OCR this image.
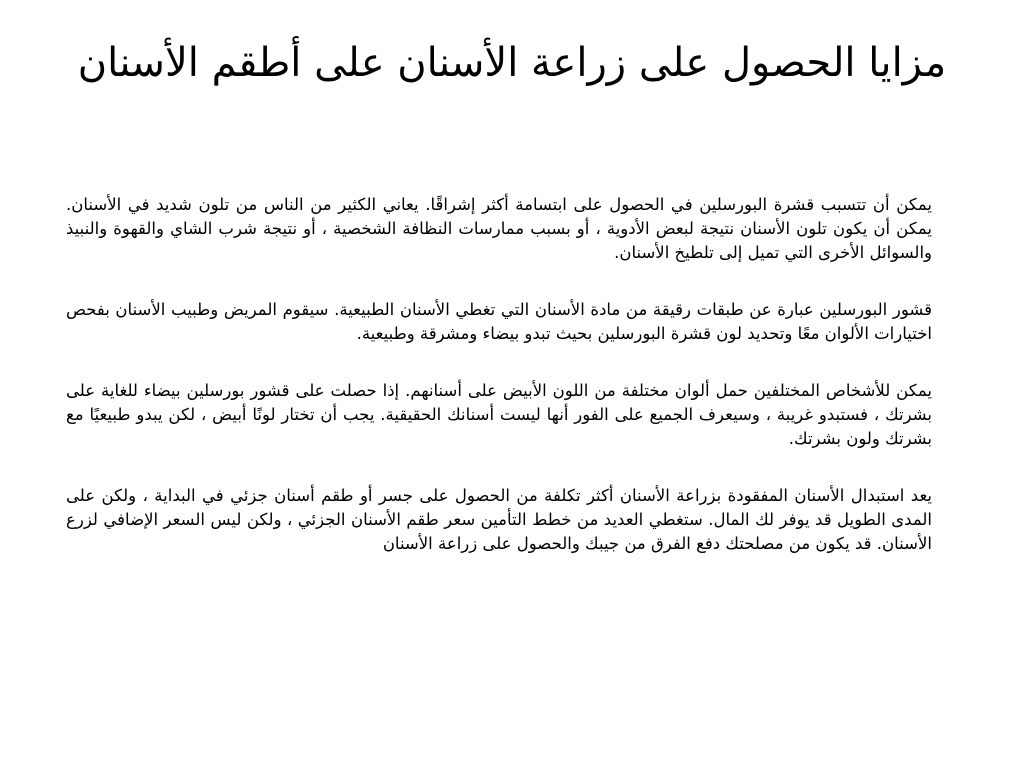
مزايا الحصول على زراعة الأسنان على أطقم الأسنان

يمكن أن تتسبب قشرة البورسلين في الحصول على ابتسامة أكثر إشراقًا. يعاني الكثير من الناس من تلون شديد في الأسنان. يمكن أن يكون تلون الأسنان نتيجة لبعض الأدوية ، أو بسبب ممارسات النظافة الشخصية ، أو نتيجة شرب الشاي والقهوة والنبيذ والسوائل الأخرى التي تميل إلى تلطيخ الأسنان.

قشور البورسلين عبارة عن طبقات رقيقة من مادة الأسنان التي تغطي الأسنان الطبيعية. سيقوم المريض وطبيب الأسنان بفحص اختيارات الألوان معًا وتحديد لون قشرة البورسلين بحيث تبدو بيضاء ومشرقة وطبيعية.

يمكن للأشخاص المختلفين حمل ألوان مختلفة من اللون الأبيض على أسنانهم. إذا حصلت على قشور بورسلين بيضاء للغاية على بشرتك ، فستبدو غريبة ، وسيعرف الجميع على الفور أنها ليست أسنانك الحقيقية. يجب أن تختار لونًا أبيض ، لكن يبدو طبيعيًا مع بشرتك ولون بشرتك.

يعد استبدال الأسنان المفقودة بزراعة الأسنان أكثر تكلفة من الحصول على جسر أو طقم أسنان جزئي في البداية ، ولكن على المدى الطويل قد يوفر لك المال. ستغطي العديد من خطط التأمين سعر طقم الأسنان الجزئي ، ولكن ليس السعر الإضافي لزرع الأسنان. قد يكون من مصلحتك دفع الفرق من جيبك والحصول على زراعة الأسنان
